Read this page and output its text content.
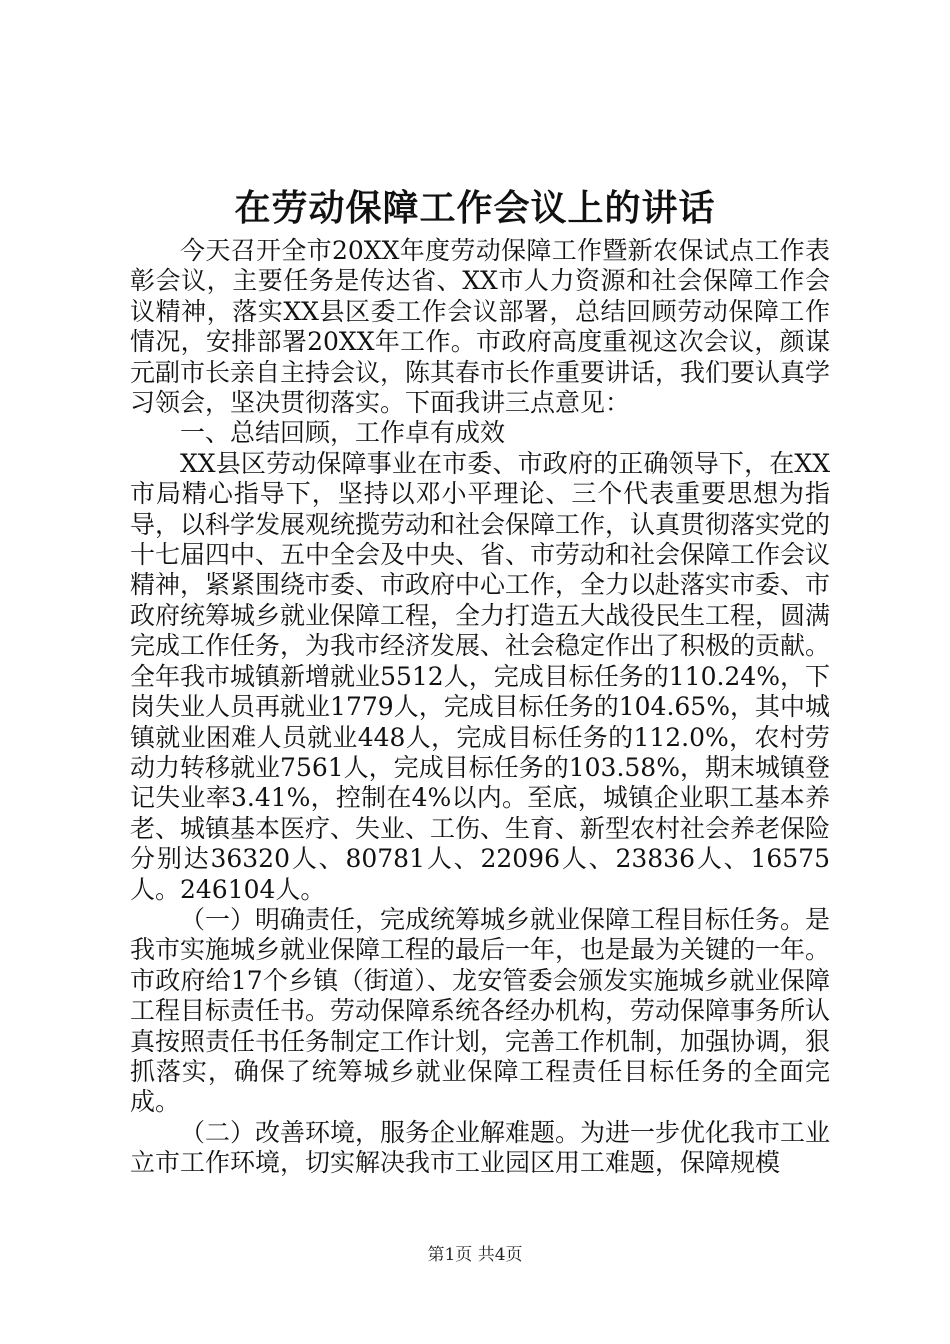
在劳动保障工作会议上的讲话

今天召开全市20XX年度劳动保障工作暨新农保试点工作表彰会议，主要任务是传达省、XX市人力资源和社会保障工作会议精神，落实XX县区委工作会议部署，总结回顾劳动保障工作情况，安排部署20XX年工作。市政府高度重视这次会议，颜谋元副市长亲自主持会议，陈其春市长作重要讲话，我们要认真学习领会，坚决贯彻落实。下面我讲三点意见：

一、总结回顾，工作卓有成效

XX县区劳动保障事业在市委、市政府的正确领导下，在XX市局精心指导下，坚持以邓小平理论、三个代表重要思想为指导，以科学发展观统揽劳动和社会保障工作，认真贯彻落实党的十七届四中、五中全会及中央、省、市劳动和社会保障工作会议精神，紧紧围绕市委、市政府中心工作，全力以赴落实市委、市政府统筹城乡就业保障工程，全力打造五大战役民生工程，圆满完成工作任务，为我市经济发展、社会稳定作出了积极的贡献。全年我市城镇新增就业5512人，完成目标任务的110.24%，下岗失业人员再就业1779人，完成目标任务的104.65%，其中城镇就业困难人员就业448人，完成目标任务的112.0%，农村劳动力转移就业7561人，完成目标任务的103.58%，期末城镇登记失业率3.41%，控制在4%以内。至底，城镇企业职工基本养老、城镇基本医疗、失业、工伤、生育、新型农村社会养老保险分别达36320人、80781人、22096人、23836人、16575人。246104人。

（一）明确责任，完成统筹城乡就业保障工程目标任务。是我市实施城乡就业保障工程的最后一年，也是最为关键的一年。市政府给17个乡镇（街道）、龙安管委会颁发实施城乡就业保障工程目标责任书。劳动保障系统各经办机构，劳动保障事务所认真按照责任书任务制定工作计划，完善工作机制，加强协调，狠抓落实，确保了统筹城乡就业保障工程责任目标任务的全面完成。

（二）改善环境，服务企业解难题。为进一步优化我市工业立市工作环境，切实解决我市工业园区用工难题，保障规模

第1页 共4页
